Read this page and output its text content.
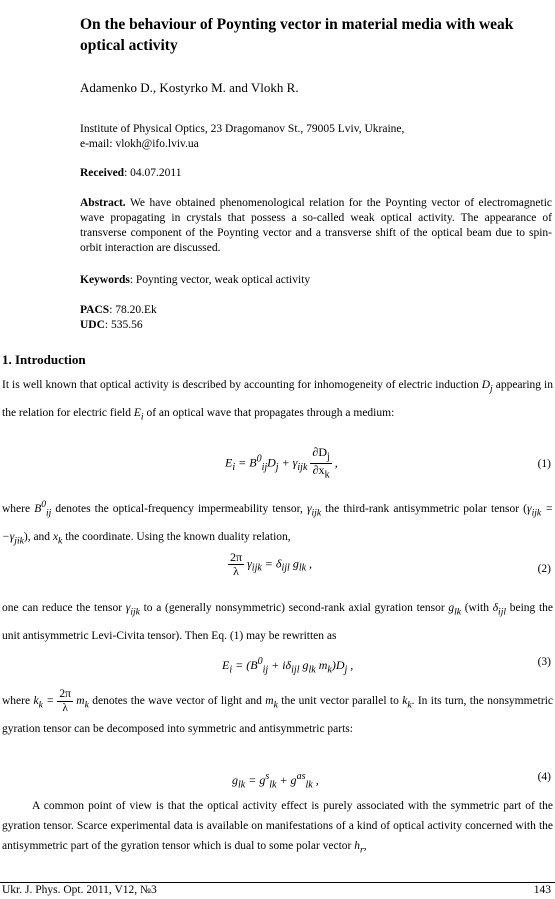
On the behaviour of Poynting vector in material media with weak optical activity
Adamenko D., Kostyrko M. and Vlokh R.
Institute of Physical Optics, 23 Dragomanov St., 79005 Lviv, Ukraine,
e-mail: vlokh@ifo.lviv.ua
Received: 04.07.2011
Abstract. We have obtained phenomenological relation for the Poynting vector of electromagnetic wave propagating in crystals that possess a so-called weak optical activity. The appearance of transverse component of the Poynting vector and a transverse shift of the optical beam due to spin-orbit interaction are discussed.
Keywords: Poynting vector, weak optical activity
PACS: 78.20.Ek
UDC: 535.56
1. Introduction
It is well known that optical activity is described by accounting for inhomogeneity of electric induction $D_j$ appearing in the relation for electric field $E_i$ of an optical wave that propagates through a medium:
$E_i = B^0_{ij}D_j + \gamma_{ijk} \frac{\partial D_j}{\partial x_k}$ ,	(1)
where $B^0_{ij}$ denotes the optical-frequency impermeability tensor, $\gamma_{ijk}$ the third-rank antisymmetric polar tensor $(\gamma_{ijk} = -\gamma_{jik})$, and $x_k$ the coordinate. Using the known duality relation,
$\frac{2\pi}{\lambda} \gamma_{ijk} = \delta_{ijl}$ $g_{lk}$ ,	(2)
one can reduce the tensor $\gamma_{ijk}$ to a (generally nonsymmetric) second-rank axial gyration tensor $g_{lk}$ (with $\delta_{ijl}$ being the unit antisymmetric Levi-Civita tensor). Then Eq. (1) may be rewritten as
$E_i = (B^0_{ij} + i\delta_{ijl}$ $g_{lk}$ $m_k)D_j$ ,	(3)
where $k_k = \frac{2\pi}{\lambda} m_k$ denotes the wave vector of light and $m_k$ the unit vector parallel to $k_k$. In its turn, the nonsymmetric gyration tensor can be decomposed into symmetric and antisymmetric parts:
$g_{lk} = g^s_{lk} + g^{as}_{lk}$ ,	(4)
A common point of view is that the optical activity effect is purely associated with the symmetric part of the gyration tensor. Scarce experimental data is available on manifestations of a kind of optical activity concerned with the antisymmetric part of the gyration tensor which is dual to some polar vector $h_r$,
Ukr. J. Phys. Opt. 2011, V12, №3	143
